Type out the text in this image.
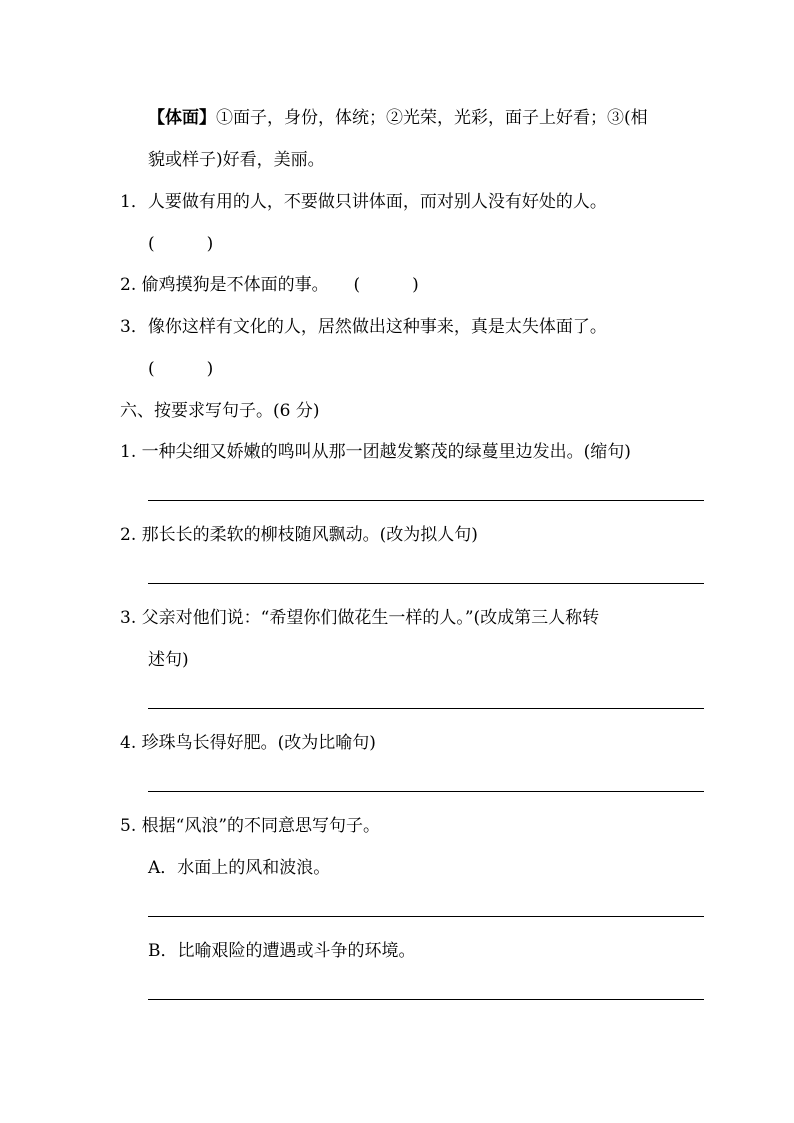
【体面】①面子，身份，体统；②光荣，光彩，面子上好看；③(相
貌或样子)好看，美丽。
1．人要做有用的人，不要做只讲体面，而对别人没有好处的人。
(	)
2. 偷鸡摸狗是不体面的事。 (	)
3．像你这样有文化的人，居然做出这种事来，真是太失体面了。
(	)
六、按要求写句子。(6 分)
1. 一种尖细又娇嫩的鸣叫从那一团越发繁茂的绿蔓里边发出。(缩句)
2. 那长长的柔软的柳枝随风飘动。(改为拟人句)
3. 父亲对他们说：“希望你们做花生一样的人。”(改成第三人称转
述句)
4. 珍珠鸟长得好肥。(改为比喻句)
5. 根据“风浪”的不同意思写句子。
A．水面上的风和波浪。
B．比喻艰险的遭遇或斗争的环境。
